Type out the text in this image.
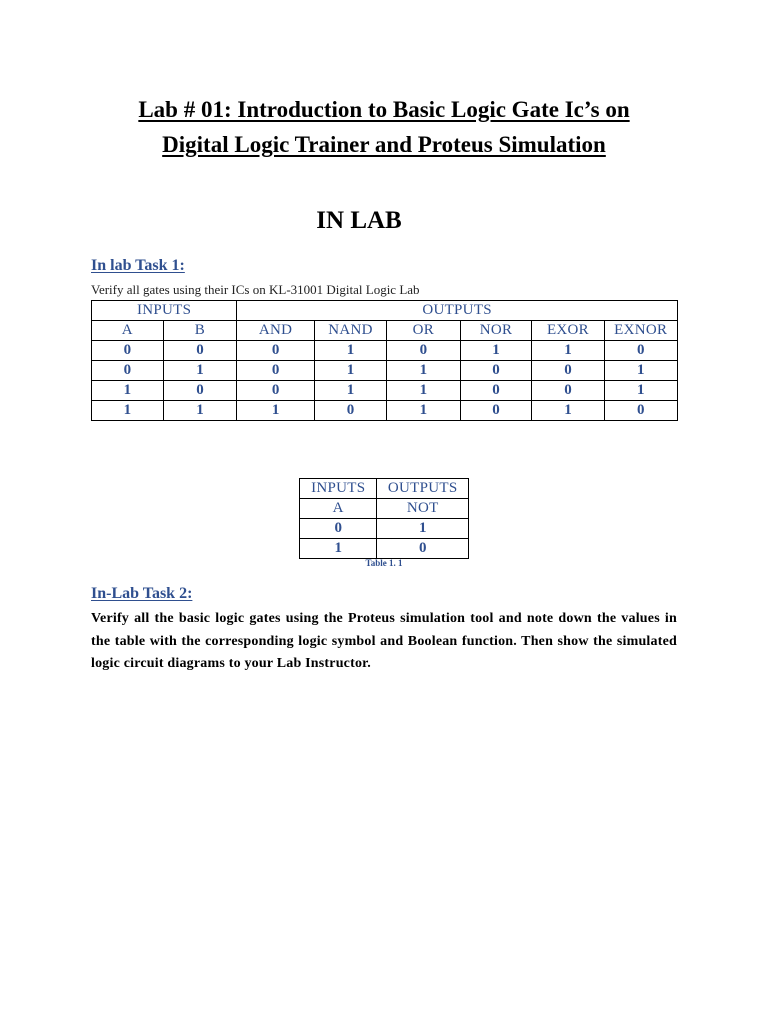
Lab # 01: Introduction to Basic Logic Gate Ic’s on
Digital Logic Trainer and Proteus Simulation
IN LAB
In lab Task 1:
Verify all gates using their ICs on KL-31001 Digital Logic Lab
INPUTS		OUTPUTS					
A	B	AND	NAND	OR	NOR	EXOR	EXNOR
0	0	0	1	0	1	1	0
0	1	0	1	1	0	0	1
1	0	0	1	1	0	0	1
1	1	1	0	1	0	1	0
INPUTS	OUTPUTS
A	NOT
0	1
1	0
Table 1. 1
In-Lab Task 2:
Verify all the basic logic gates using the Proteus simulation tool and note down the values in the table with the corresponding logic symbol and Boolean function. Then show the simulated logic circuit diagrams to your Lab Instructor.
